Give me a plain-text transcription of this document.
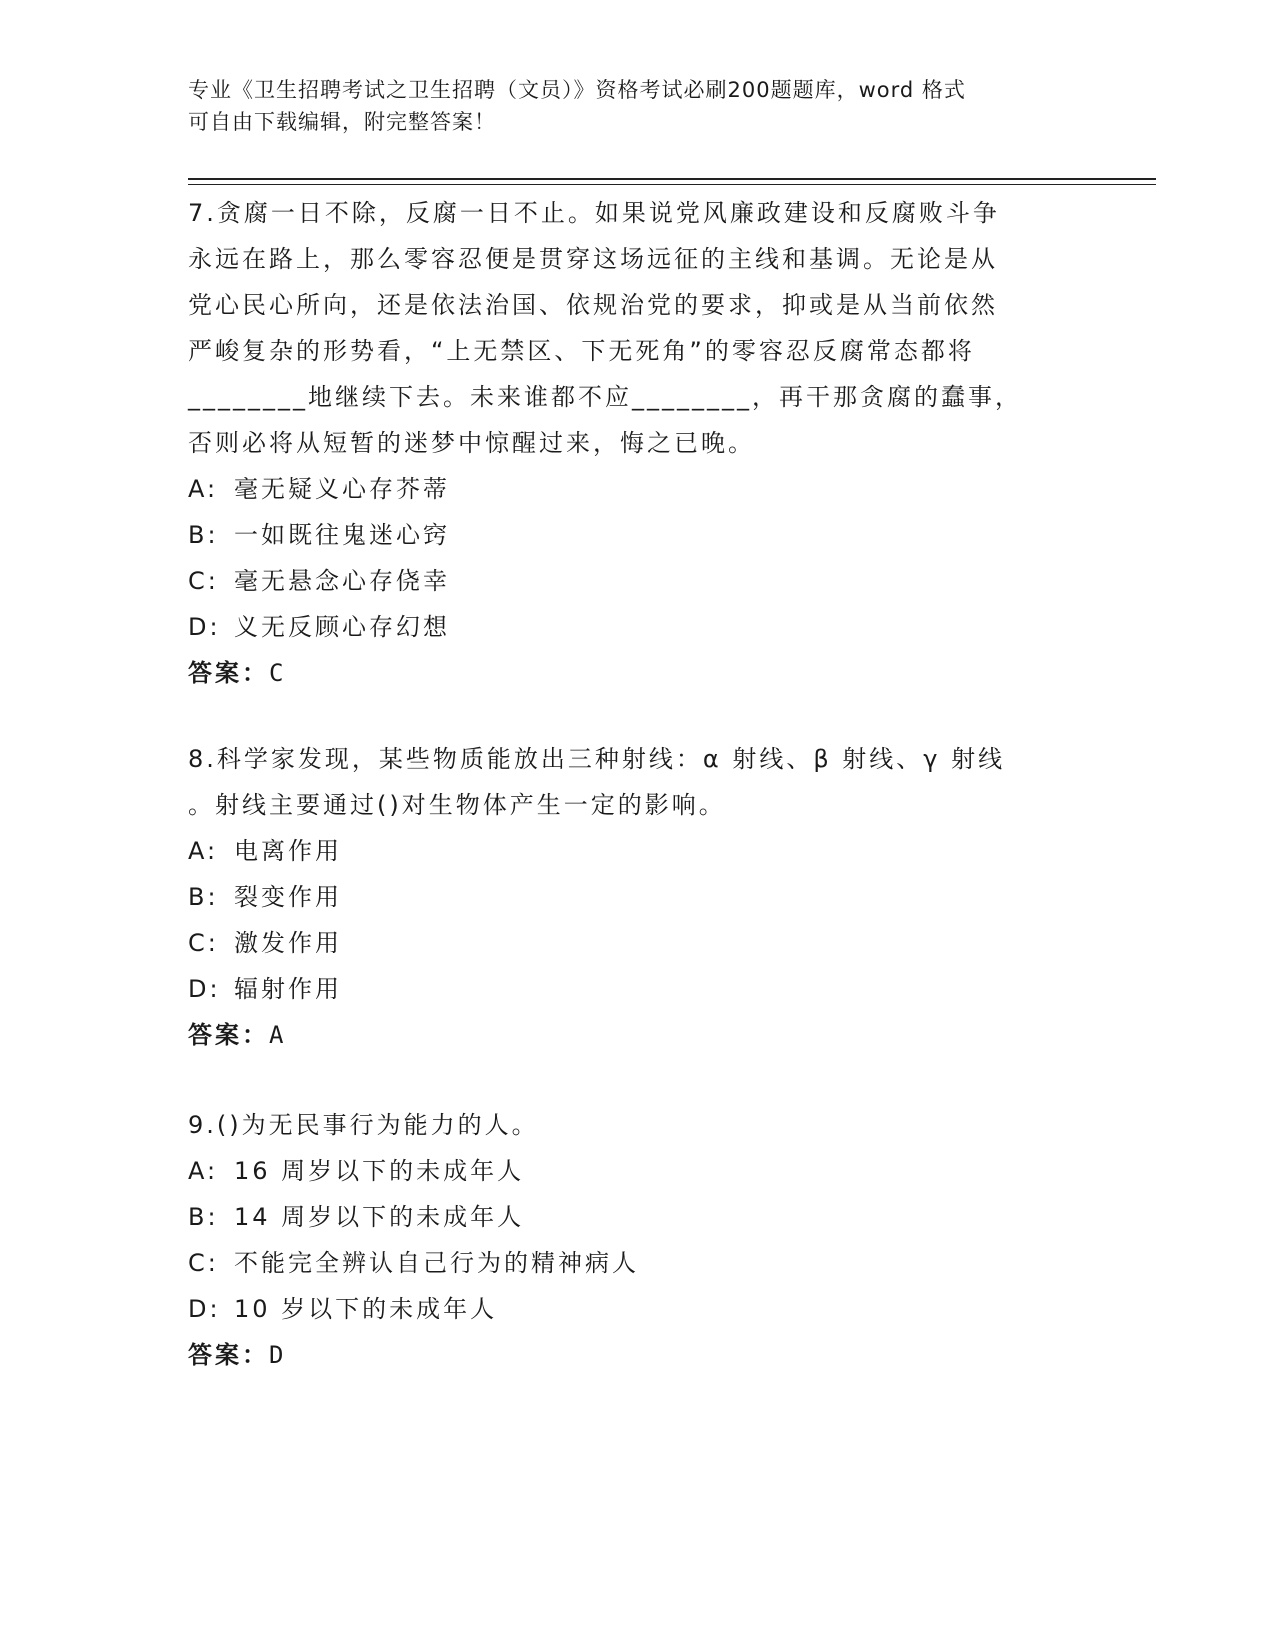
专业《卫生招聘考试之卫生招聘（文员）》资格考试必刷200题题库，word 格式
可自由下载编辑，附完整答案！

7.贪腐一日不除，反腐一日不止。如果说党风廉政建设和反腐败斗争

永远在路上，那么零容忍便是贯穿这场远征的主线和基调。无论是从

党心民心所向，还是依法治国、依规治党的要求，抑或是从当前依然

严峻复杂的形势看，“上无禁区、下无死角”的零容忍反腐常态都将

________地继续下去。未来谁都不应________，再干那贪腐的蠢事，

否则必将从短暂的迷梦中惊醒过来，悔之已晚。

A: 毫无疑义心存芥蒂

B: 一如既往鬼迷心窍

C: 毫无悬念心存侥幸

D: 义无反顾心存幻想

答案：C

8.科学家发现，某些物质能放出三种射线：α 射线、β 射线、γ 射线

。射线主要通过()对生物体产生一定的影响。

A: 电离作用

B: 裂变作用

C: 激发作用

D: 辐射作用

答案：A

9.()为无民事行为能力的人。

A: 16 周岁以下的未成年人

B: 14 周岁以下的未成年人

C: 不能完全辨认自己行为的精神病人

D: 10 岁以下的未成年人

答案：D
